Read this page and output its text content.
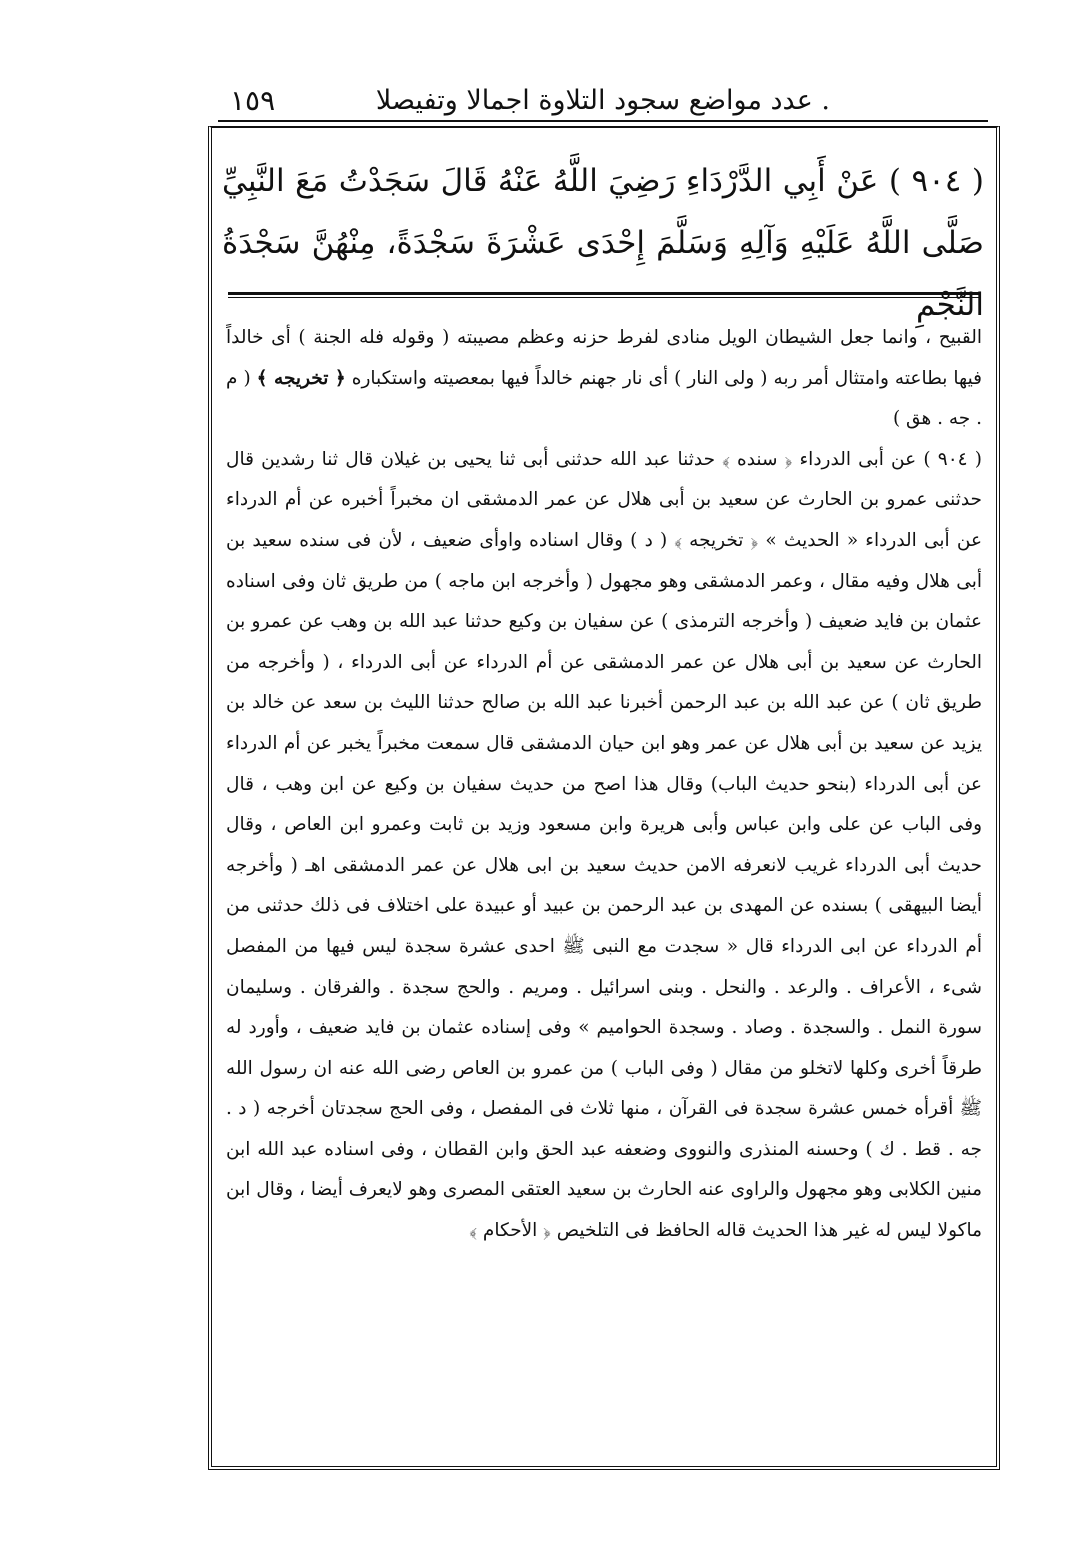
. عدد مواضع سجود التلاوة اجمالا وتفيصلا
١٥٩
( ٩٠٤ ) عَنْ أَبِي الدَّرْدَاءِ رَضِيَ اللَّهُ عَنْهُ قَالَ سَجَدْتُ مَعَ النَّبِيِّ صَلَّى اللَّهُ عَلَيْهِ وَآلِهِ وَسَلَّمَ إِحْدَى عَشْرَةَ سَجْدَةً، مِنْهُنَّ سَجْدَةُ النَّجْمِ

القبيح ، وانما جعل الشيطان الويل منادى لفرط حزنه وعظم مصيبته ( وقوله فله الجنة ) أى خالداً فيها بطاعته وامتثال أمر ربه ( ولى النار ) أى نار جهنم خالداً فيها بمعصيته واستكباره ﴿ تخريجه ﴾ ( م . جه . هق )

( ٩٠٤ ) عن أبى الدرداء ﴿ سنده ﴾ حدثنا عبد الله حدثنى أبى ثنا يحيى بن غيلان قال ثنا رشدين قال حدثنى عمرو بن الحارث عن سعيد بن أبى هلال عن عمر الدمشقى ان مخبراً أخبره عن أم الدرداء عن أبى الدرداء « الحديث » ﴿ تخريجه ﴾ ( د ) وقال اسناده واوأى ضعيف ، لأن فى سنده سعيد بن أبى هلال وفيه مقال ، وعمر الدمشقى وهو مجهول ( وأخرجه ابن ماجه ) من طريق ثان وفى اسناده عثمان بن فايد ضعيف ( وأخرجه الترمذى ) عن سفيان بن وكيع حدثنا عبد الله بن وهب عن عمرو بن الحارث عن سعيد بن أبى هلال عن عمر الدمشقى عن أم الدرداء عن أبى الدرداء ، ( وأخرجه من طريق ثان ) عن عبد الله بن عبد الرحمن أخبرنا عبد الله بن صالح حدثنا الليث بن سعد عن خالد بن يزيد عن سعيد بن أبى هلال عن عمر وهو ابن حيان الدمشقى قال سمعت مخبراً يخبر عن أم الدرداء عن أبى الدرداء (بنحو حديث الباب) وقال هذا اصح من حديث سفيان بن وكيع عن ابن وهب ، قال وفى الباب عن على وابن عباس وأبى هريرة وابن مسعود وزيد بن ثابت وعمرو ابن العاص ، وقال حديث أبى الدرداء غريب لانعرفه الامن حديث سعيد بن ابى هلال عن عمر الدمشقى اهـ ( وأخرجه أيضا البيهقى ) بسنده عن المهدى بن عبد الرحمن بن عبيد أو عبيدة على اختلاف فى ذلك حدثنى من أم الدرداء عن ابى الدرداء قال « سجدت مع النبى ﷺ احدى عشرة سجدة ليس فيها من المفصل شىء ، الأعراف . والرعد . والنحل . وبنى اسرائيل . ومريم . والحج سجدة . والفرقان . وسليمان سورة النمل . والسجدة . وصاد . وسجدة الحواميم » وفى إسناده عثمان بن فايد ضعيف ، وأورد له طرقاً أخرى وكلها لاتخلو من مقال ( وفى الباب ) من عمرو بن العاص رضى الله عنه ان رسول الله ﷺ أقرأه خمس عشرة سجدة فى القرآن ، منها ثلاث فى المفصل ، وفى الحج سجدتان أخرجه ( د . جه . قط . ك ) وحسنه المنذرى والنووى وضعفه عبد الحق وابن القطان ، وفى اسناده عبد الله ابن منين الكلابى وهو مجهول والراوى عنه الحارث بن سعيد العتقى المصرى وهو لايعرف أيضا ، وقال ابن ماكولا ليس له غير هذا الحديث قاله الحافظ فى التلخيص ﴿ الأحكام ﴾
